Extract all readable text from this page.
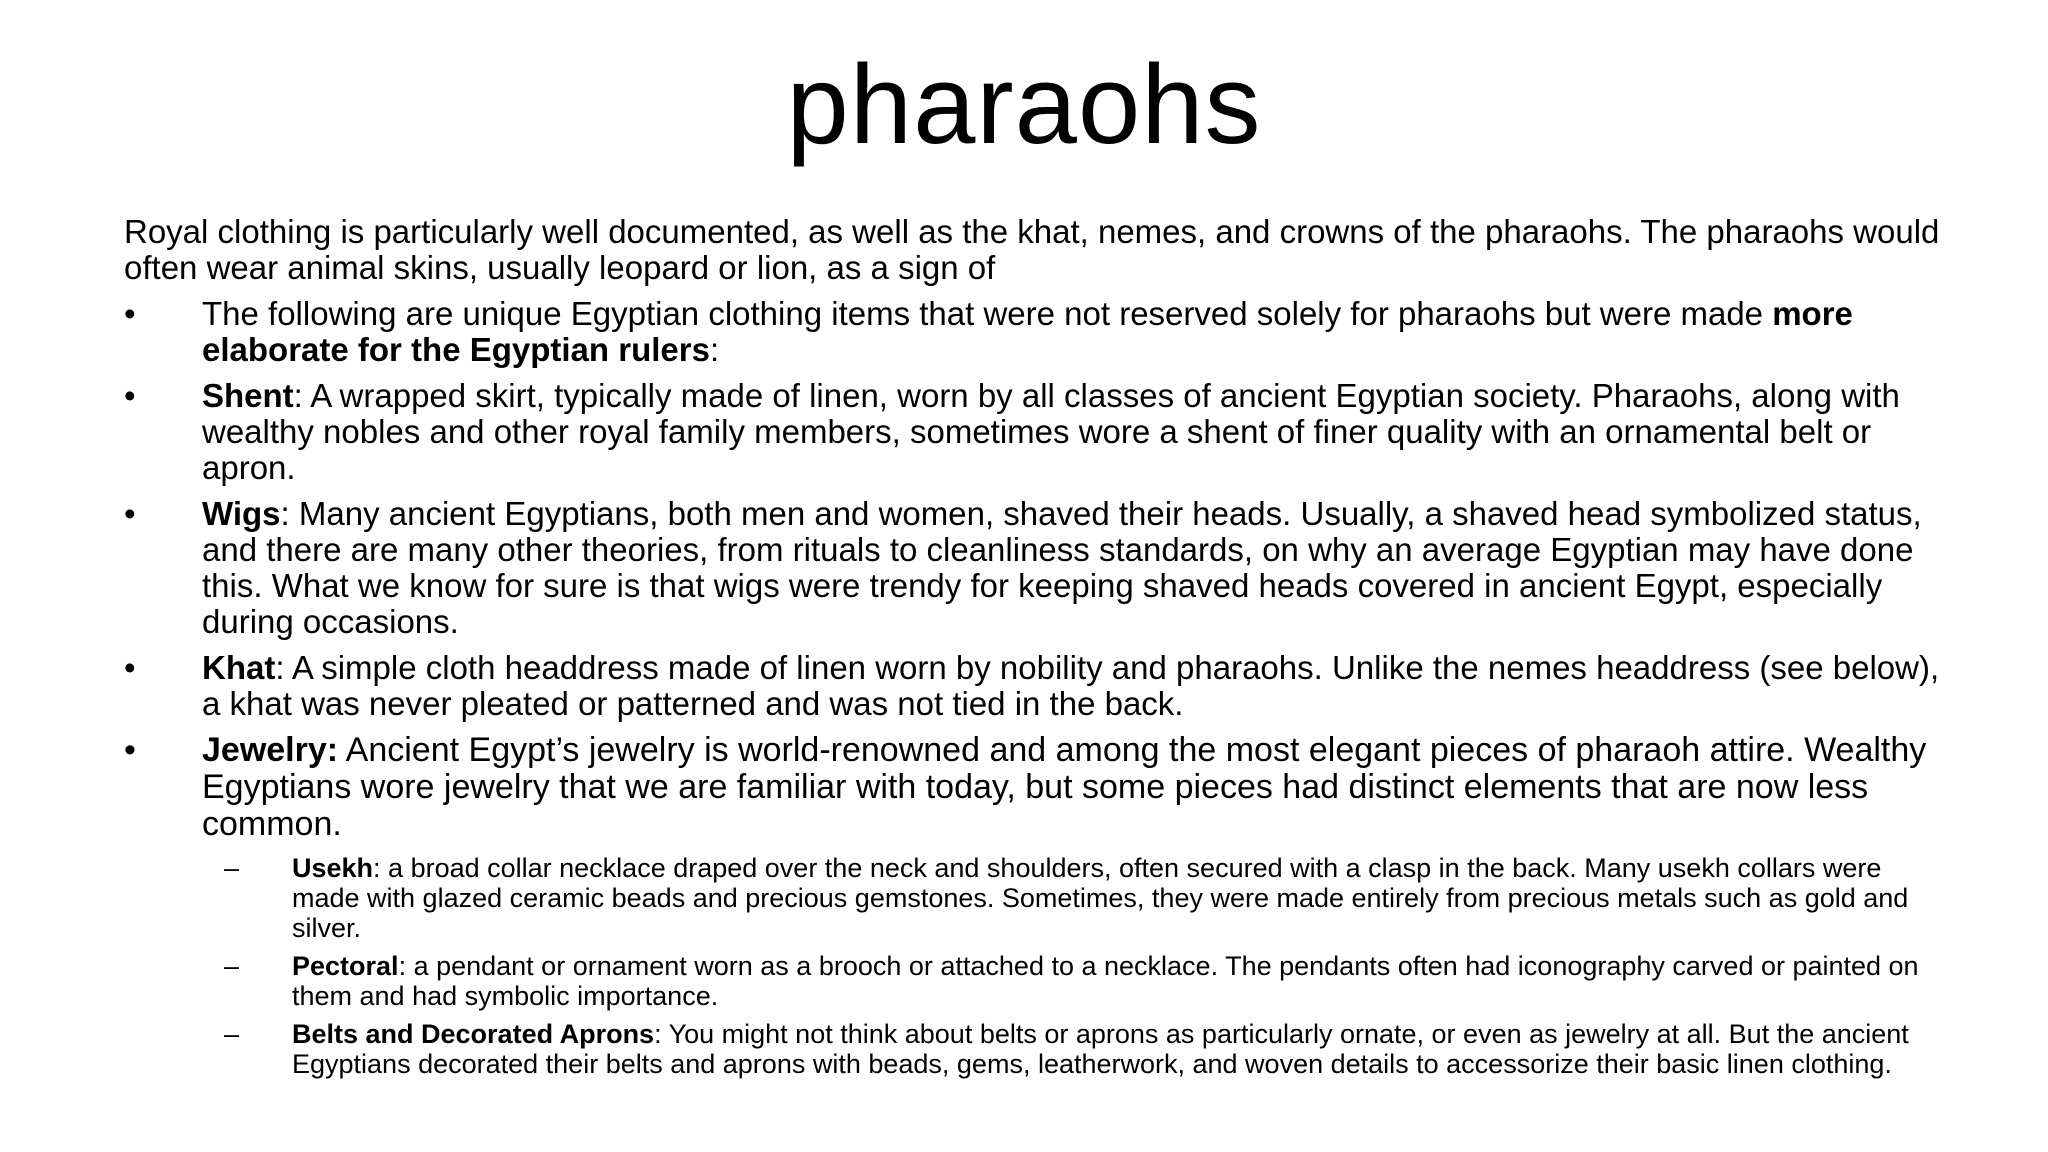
pharaohs

Royal clothing is particularly well documented, as well as the khat, nemes, and crowns of the pharaohs. The pharaohs would often wear animal skins, usually leopard or lion, as a sign of

•	The following are unique Egyptian clothing items that were not reserved solely for pharaohs but were made more elaborate for the Egyptian rulers:
•	Shent: A wrapped skirt, typically made of linen, worn by all classes of ancient Egyptian society. Pharaohs, along with wealthy nobles and other royal family members, sometimes wore a shent of finer quality with an ornamental belt or apron.
•	Wigs: Many ancient Egyptians, both men and women, shaved their heads. Usually, a shaved head symbolized status, and there are many other theories, from rituals to cleanliness standards, on why an average Egyptian may have done this. What we know for sure is that wigs were trendy for keeping shaved heads covered in ancient Egypt, especially during occasions.
•	Khat: A simple cloth headdress made of linen worn by nobility and pharaohs. Unlike the nemes headdress (see below), a khat was never pleated or patterned and was not tied in the back.
•	Jewelry: Ancient Egypt’s jewelry is world-renowned and among the most elegant pieces of pharaoh attire. Wealthy Egyptians wore jewelry that we are familiar with today, but some pieces had distinct elements that are now less common.
–	Usekh: a broad collar necklace draped over the neck and shoulders, often secured with a clasp in the back. Many usekh collars were made with glazed ceramic beads and precious gemstones. Sometimes, they were made entirely from precious metals such as gold and silver.
–	Pectoral: a pendant or ornament worn as a brooch or attached to a necklace. The pendants often had iconography carved or painted on them and had symbolic importance.
–	Belts and Decorated Aprons: You might not think about belts or aprons as particularly ornate, or even as jewelry at all. But the ancient Egyptians decorated their belts and aprons with beads, gems, leatherwork, and woven details to accessorize their basic linen clothing.
